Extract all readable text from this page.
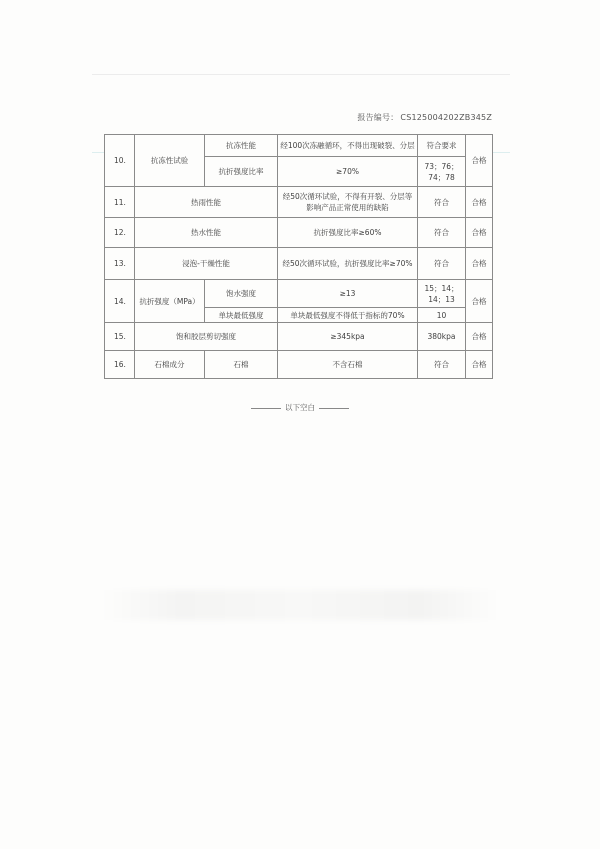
报告编号： CS125004202ZB345Z
10.	抗冻性试验	抗冻性能	经100次冻融循环，不得出现破裂、分层	符合要求	合格
		抗折强度比率	≥70%	73；76；74；78	
11.	热雨性能		经50次循环试验，不得有开裂、分层等影响产品正常使用的缺陷	符合	合格
12.	热水性能		抗折强度比率≥60%	符合	合格
13.	浸泡-干燥性能		经50次循环试验，抗折强度比率≥70%	符合	合格
14.	抗折强度（MPa）	饱水强度	≥13	15；14；14；13	合格
		单块最低强度	单块最低强度不得低于指标的70%	10	
15.	饱和胶层剪切强度		≥345kpa	380kpa	合格
16.	石棉成分	石棉	不含石棉	符合	合格
以下空白
